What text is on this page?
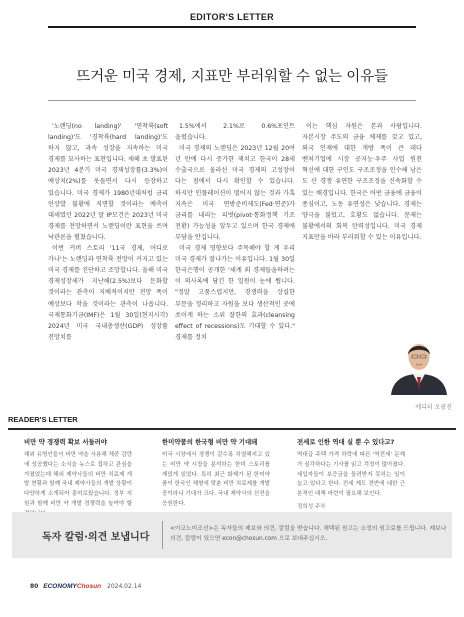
EDITOR'S LETTER
뜨거운 미국 경제, 지표만 부러워할 수 없는 이유들

'노랜딩(no landing)' '연착륙(soft landing)'도 '경착륙(hard landing)'도 하지 않고, 과속 성장을 지속하는 미국 경제를 묘사하는 표현입니다. 새해 초 발표된 2023년 4분기 미국 경제성장률(3.3%)이 예상치(2%)를 웃돌면서 다시 등장하고 있습니다. 미국 경제가 1980년대처럼 금리 인상발 불황에 직면할 것이라는 예측이 대세였던 2022년 말 IP모건은 2023년 미국 경제를 전망하면서 노랜딩이란 표현을 쓰며 낙관론을 펼쳤습니다.

이번 커버 스토리 '11국 경제, 어디로 가나'는 노랜딩과 연착륙 전망이 커지고 있는 미국 경제를 진단하고 조망합니다. 올해 미국 경제성장세가 지난해(2.5%)보다 둔화할 것이라는 관측이 지배적이지만 전망 폭이 예상보다 작을 것이라는 관측이 나옵니다. 국제통화기금(IMF)은 1월 30일(현지시각) 2024년 미국 국내총생산(GDP) 성장률 전망치를

1.5%에서 2.1%로 0.6%포인트 올렸습니다.

미국 경제의 노랜딩은 2023년 12월 20여 년 만에 다시 증가한 제치고 한국이 28세 수출국으로 올라선 미국 경제의 고성장이 다는 점에서 다시 확인할 수 있습니다. 하지만 인플레이션이 떨어지 않는 것과 가혹 지속은 미국 연방준비제도(Fed·연준)가 금리를 내리는 피벗(pivot·통화정책 기조 전환) 가능성을 앞두고 있으며 한국 경제에 부담을 안깁니다.

미국 경제 영향보다 주목해야 할 게 우리 미국 경제가 잘나가는 이유입니다. 1월 30일 한국은행이 공개한 '세계 외 경제들을하려는 이 의사록에 담긴 한 일원이 눈에 띕니다. "정말 고품스럽지만, 경쟁력을 상실한 부문을 정리하고 자원을 보다 생산적인 곳에 쏘이게 하는 소위 잘한의 효과(cleansing effect of recessions)도 기대할 수 있다." 경제를 정치

이는 핵심 자원은 본과 사람입니다. 자본시장 주도의 금융 체제를 갖고 있고, 외국 인재에 대한 개방 폭이 큰 데다 벤처기업에 시장 공지능·우주 사업 원천 혁신에 대한 구인도 구조조정을 인수해 남은 도 산 경쟁 유연한 구조조정을 신속화할 수 있는 배경입니다. 한국은 어떤 금융에 금융이 종심이고, 노동 유연성은 낮습니다. 경제는 양극을 불렀고, 호황도 없습니다. 문제는 불황에서의 회복 탄력성입니다. 미국 경제 지표만을 바라 부러워할 수 있는 이유입니다.

에디터 오광진
READER'S LETTER
비만 약 경쟁력 확보 서둘러야
해외 유명인들이 비만 약을 사용해 체중 감량에 성공했다는 소식을 뉴스로 접하고 관심을 가졌었는데 해외 제약사들의 비만 치료제 개발 현황과 함께 국내 제약사들의 개발 상황이 다양하게 소개되어 흥미로웠습니다. 정부 지원과 함께 비만 약 개발 경쟁력을 높여야 할
한미약품의 한국형 비만 약 기대돼
미국 시장에서 경쟁이 갈수록 치열해지고 있는 비만 약 시장을 분석하는 한미 스토리를 재밌게 읽었다. 특히 최근 화제가 된 한미약품이 한국인 체형에 맞춘 비만 치료제를 개발 중이라니 기대가 크다. 국내 제약사의 선전을 응원한다.
전세로 인한 역대 실 뿐 수 있다고?
역대급 주택 가격 하락에 따른 '역전세' 문제가 심각하다는 기사를 읽고 걱정이 많아졌다. 세입자들이 보증금을 돌려받지 못하는 일이 늘고 있다고 한다. 전세 제도 전반에 대한 근본적인 대책 마련이 필요해 보인다.
정희성 주부
독자 칼럼·의견 보냅니다
<이코노미조선>은 독자들의 제보와 의견, 칼럼을 받습니다. 채택된 원고는 소정의 원고료를 드립니다. 제보나 의견, 칼럼이 있으면 econ@chosun.com 으로 보내주십시오.
80 ECONOMYChosun 2024.02.14
